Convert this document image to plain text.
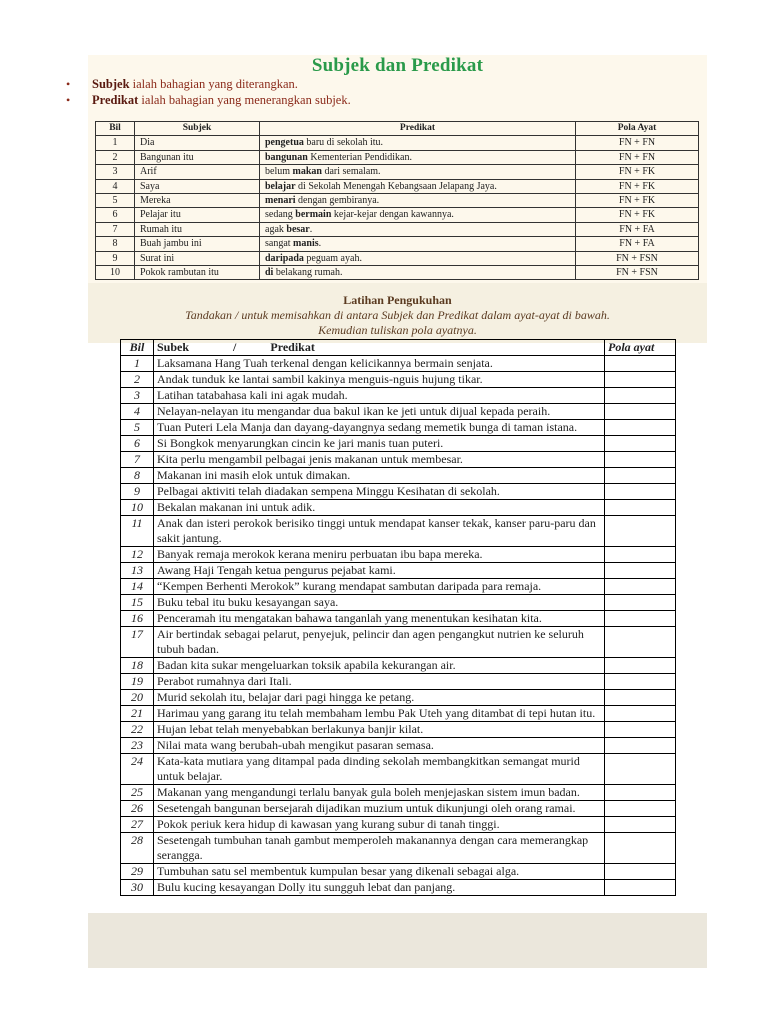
Subjek dan Predikat
•	Subjek ialah bahagian yang diterangkan.
•	Predikat ialah bahagian yang menerangkan subjek.
Bil	Subjek	Predikat	Pola Ayat
1	Dia	pengetua baru di sekolah itu.	FN + FN
2	Bangunan itu	bangunan Kementerian Pendidikan.	FN + FN
3	Arif	belum makan dari semalam.	FN + FK
4	Saya	belajar di Sekolah Menengah Kebangsaan Jelapang Jaya.	FN + FK
5	Mereka	menari dengan gembiranya.	FN + FK
6	Pelajar itu	sedang bermain kejar-kejar dengan kawannya.	FN + FK
7	Rumah itu	agak besar.	FN + FA
8	Buah jambu ini	sangat manis.	FN + FA
9	Surat ini	daripada peguam ayah.	FN + FSN
10	Pokok rambutan itu	di belakang rumah.	FN + FSN
Latihan Pengukuhan
Tandakan / untuk memisahkan di antara Subjek dan Predikat dalam ayat-ayat di bawah.
Kemudian tuliskan pola ayatnya.
Bil	Subek / Predikat	Pola ayat
1	Laksamana Hang Tuah terkenal dengan kelicikannya bermain senjata.	
2	Andak tunduk ke lantai sambil kakinya menguis-nguis hujung tikar.	
3	Latihan tatabahasa kali ini agak mudah.	
4	Nelayan-nelayan itu mengandar dua bakul ikan ke jeti untuk dijual kepada peraih.	
5	Tuan Puteri Lela Manja dan dayang-dayangnya sedang memetik bunga di taman istana.	
6	Si Bongkok menyarungkan cincin ke jari manis tuan puteri.	
7	Kita perlu mengambil pelbagai jenis makanan untuk membesar.	
8	Makanan ini masih elok untuk dimakan.	
9	Pelbagai aktiviti telah diadakan sempena Minggu Kesihatan di sekolah.	
10	Bekalan makanan ini untuk adik.	
11	Anak dan isteri perokok berisiko tinggi untuk mendapat kanser tekak, kanser paru-paru dan sakit jantung.	
12	Banyak remaja merokok kerana meniru perbuatan ibu bapa mereka.	
13	Awang Haji Tengah ketua pengurus pejabat kami.	
14	“Kempen Berhenti Merokok” kurang mendapat sambutan daripada para remaja.	
15	Buku tebal itu buku kesayangan saya.	
16	Penceramah itu mengatakan bahawa tanganlah yang menentukan kesihatan kita.	
17	Air bertindak sebagai pelarut, penyejuk, pelincir dan agen pengangkut nutrien ke seluruh tubuh badan.	
18	Badan kita sukar mengeluarkan toksik apabila kekurangan air.	
19	Perabot rumahnya dari Itali.	
20	Murid sekolah itu, belajar dari pagi hingga ke petang.	
21	Harimau yang garang itu telah membaham lembu Pak Uteh yang ditambat di tepi hutan itu.	
22	Hujan lebat telah menyebabkan berlakunya banjir kilat.	
23	Nilai mata wang berubah-ubah mengikut pasaran semasa.	
24	Kata-kata mutiara yang ditampal pada dinding sekolah membangkitkan semangat murid untuk belajar.	
25	Makanan yang mengandungi terlalu banyak gula boleh menjejaskan sistem imun badan.	
26	Sesetengah bangunan bersejarah dijadikan muzium untuk dikunjungi oleh orang ramai.	
27	Pokok periuk kera hidup di kawasan yang kurang subur di tanah tinggi.	
28	Sesetengah tumbuhan tanah gambut memperoleh makanannya dengan cara memerangkap serangga.	
29	Tumbuhan satu sel membentuk kumpulan besar yang dikenali sebagai alga.	
30	Bulu kucing kesayangan Dolly itu sungguh lebat dan panjang.	
